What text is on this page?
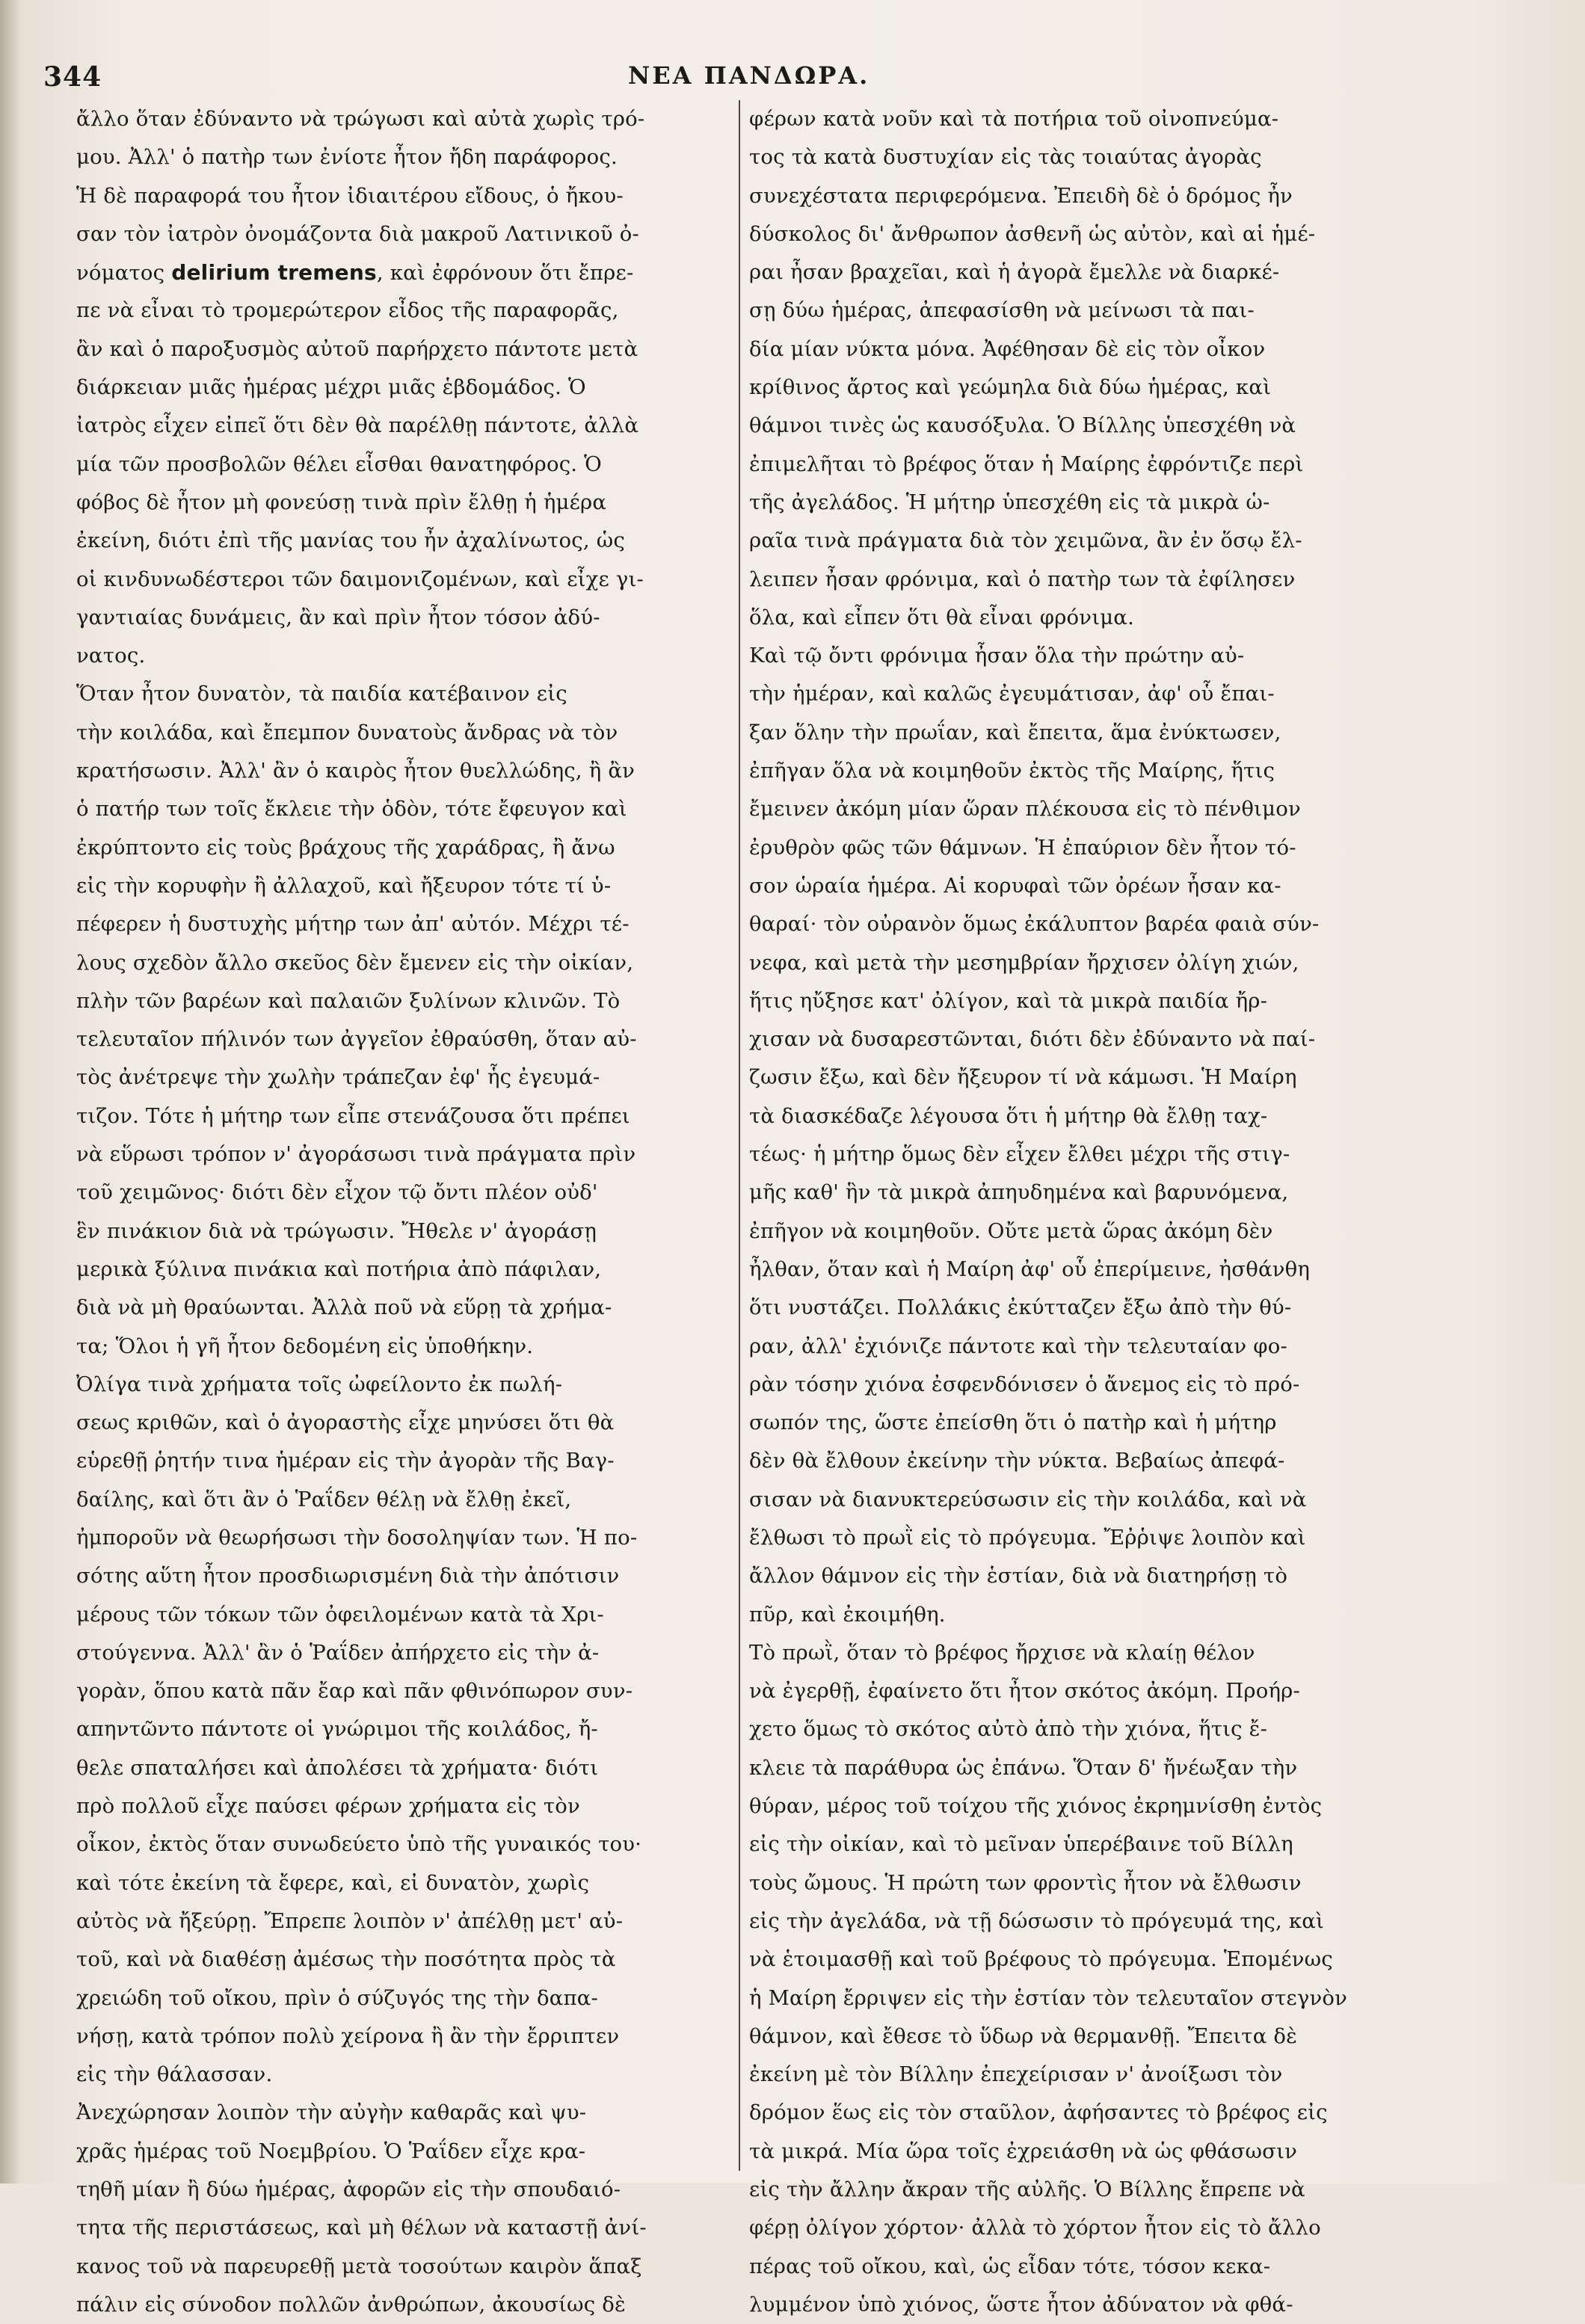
344	ΝΕΑ ΠΑΝΔΩΡΑ.
ἄλλο ὅταν ἐδύναντο νὰ τρώγωσι καὶ αὐτὰ χωρὶς τρό-
μου. Ἀλλ' ὁ πατὴρ των ἐνίοτε ἦτον ἤδη παράφορος.
Ἡ δὲ παραφορά του ἦτον ἰδιαιτέρου εἴδους, ὁ ἤκου-
σαν τὸν ἰατρὸν ὀνομάζοντα διὰ μακροῦ Λατινικοῦ ὀ-
νόματος delirium tremens, καὶ ἐφρόνουν ὅτι ἔπρε-
πε νὰ εἶναι τὸ τρομερώτερον εἶδος τῆς παραφορᾶς,
ἂν καὶ ὁ παροξυσμὸς αὐτοῦ παρήρχετο πάντοτε μετὰ
διάρκειαν μιᾶς ἡμέρας μέχρι μιᾶς ἑβδομάδος. Ὁ
ἰατρὸς εἶχεν εἰπεῖ ὅτι δὲν θὰ παρέλθῃ πάντοτε, ἀλλὰ
μία τῶν προσβολῶν θέλει εἶσθαι θανατηφόρος. Ὁ
φόβος δὲ ἦτον μὴ φονεύσῃ τινὰ πρὶν ἔλθῃ ἡ ἡμέρα
ἐκείνη, διότι ἐπὶ τῆς μανίας του ἦν ἀχαλίνωτος, ὡς
οἱ κινδυνωδέστεροι τῶν δαιμονιζομένων, καὶ εἶχε γι-
γαντιαίας δυνάμεις, ἂν καὶ πρὶν ἦτον τόσον ἀδύ-
νατος.
Ὅταν ἦτον δυνατὸν, τὰ παιδία κατέβαινον εἰς
τὴν κοιλάδα, καὶ ἔπεμπον δυνατοὺς ἄνδρας νὰ τὸν
κρατήσωσιν. Ἀλλ' ἂν ὁ καιρὸς ἦτον θυελλώδης, ἢ ἂν
ὁ πατήρ των τοῖς ἔκλειε τὴν ὁδὸν, τότε ἔφευγον καὶ
ἐκρύπτοντο εἰς τοὺς βράχους τῆς χαράδρας, ἢ ἄνω
εἰς τὴν κορυφὴν ἢ ἀλλαχοῦ, καὶ ἤξευρον τότε τί ὑ-
πέφερεν ἡ δυστυχὴς μήτηρ των ἀπ' αὐτόν. Μέχρι τέ-
λους σχεδὸν ἄλλο σκεῦος δὲν ἔμενεν εἰς τὴν οἰκίαν,
πλὴν τῶν βαρέων καὶ παλαιῶν ξυλίνων κλινῶν. Τὸ
τελευταῖον πήλινόν των ἀγγεῖον ἐθραύσθη, ὅταν αὐ-
τὸς ἀνέτρεψε τὴν χωλὴν τράπεζαν ἐφ' ἧς ἐγευμά-
τιζον. Τότε ἡ μήτηρ των εἶπε στενάζουσα ὅτι πρέπει
νὰ εὕρωσι τρόπον ν' ἀγοράσωσι τινὰ πράγματα πρὶν
τοῦ χειμῶνος· διότι δὲν εἶχον τῷ ὄντι πλέον οὐδ'
ἓν πινάκιον διὰ νὰ τρώγωσιν. Ἤθελε ν' ἀγοράσῃ
μερικὰ ξύλινα πινάκια καὶ ποτήρια ἀπὸ πάφιλαν,
διὰ νὰ μὴ θραύωνται. Ἀλλὰ ποῦ νὰ εὕρῃ τὰ χρήμα-
τα; Ὅλοι ἡ γῆ ἦτον δεδομένη εἰς ὑποθήκην.
Ὀλίγα τινὰ χρήματα τοῖς ὠφείλοντο ἐκ πωλή-
σεως κριθῶν, καὶ ὁ ἀγοραστὴς εἶχε μηνύσει ὅτι θὰ
εὑρεθῇ ῥητήν τινα ἡμέραν εἰς τὴν ἀγορὰν τῆς Βαγ-
δαίλης, καὶ ὅτι ἂν ὁ Ῥαΐδεν θέλῃ νὰ ἔλθῃ ἐκεῖ,
ἠμποροῦν νὰ θεωρήσωσι τὴν δοσοληψίαν των. Ἡ πο-
σότης αὕτη ἦτον προσδιωρισμένη διὰ τὴν ἀπότισιν
μέρους τῶν τόκων τῶν ὀφειλομένων κατὰ τὰ Χρι-
στούγεννα. Ἀλλ' ἂν ὁ Ῥαΐδεν ἀπήρχετο εἰς τὴν ἀ-
γορὰν, ὅπου κατὰ πᾶν ἔαρ καὶ πᾶν φθινόπωρον συν-
απηντῶντο πάντοτε οἱ γνώριμοι τῆς κοιλάδος, ἤ-
θελε σπαταλήσει καὶ ἀπολέσει τὰ χρήματα· διότι
πρὸ πολλοῦ εἶχε παύσει φέρων χρήματα εἰς τὸν
οἶκον, ἐκτὸς ὅταν συνωδεύετο ὑπὸ τῆς γυναικός του·
καὶ τότε ἐκείνη τὰ ἔφερε, καὶ, εἰ δυνατὸν, χωρὶς
αὐτὸς νὰ ἤξεύρῃ. Ἔπρεπε λοιπὸν ν' ἀπέλθῃ μετ' αὐ-
τοῦ, καὶ νὰ διαθέσῃ ἀμέσως τὴν ποσότητα πρὸς τὰ
χρειώδη τοῦ οἴκου, πρὶν ὁ σύζυγός της τὴν δαπα-
νήσῃ, κατὰ τρόπον πολὺ χείρονα ἢ ἂν τὴν ἔρριπτεν
εἰς τὴν θάλασσαν.
Ἀνεχώρησαν λοιπὸν τὴν αὐγὴν καθαρᾶς καὶ ψυ-
χρᾶς ἡμέρας τοῦ Νοεμβρίου. Ὁ Ῥαΐδεν εἶχε κρα-
τηθῆ μίαν ἢ δύω ἡμέρας, ἀφορῶν εἰς τὴν σπουδαιό-
τητα τῆς περιστάσεως, καὶ μὴ θέλων νὰ καταστῇ ἀνί-
κανος τοῦ νὰ παρευρεθῇ μετὰ τοσούτων καιρὸν ἅπαξ
πάλιν εἰς σύνοδον πολλῶν ἀνθρώπων, ἀκουσίως δὲ
φέρων κατὰ νοῦν καὶ τὰ ποτήρια τοῦ οἰνοπνεύμα-
τος τὰ κατὰ δυστυχίαν εἰς τὰς τοιαύτας ἀγορὰς
συνεχέστατα περιφερόμενα. Ἐπειδὴ δὲ ὁ δρόμος ἦν
δύσκολος δι' ἄνθρωπον ἀσθενῆ ὡς αὐτὸν, καὶ αἱ ἡμέ-
ραι ἦσαν βραχεῖαι, καὶ ἡ ἀγορὰ ἔμελλε νὰ διαρκέ-
σῃ δύω ἡμέρας, ἀπεφασίσθη νὰ μείνωσι τὰ παι-
δία μίαν νύκτα μόνα. Ἀφέθησαν δὲ εἰς τὸν οἶκον
κρίθινος ἄρτος καὶ γεώμηλα διὰ δύω ἡμέρας, καὶ
θάμνοι τινὲς ὡς καυσόξυλα. Ὁ Βίλλης ὑπεσχέθη νὰ
ἐπιμελῆται τὸ βρέφος ὅταν ἡ Μαίρης ἐφρόντιζε περὶ
τῆς ἀγελάδος. Ἡ μήτηρ ὑπεσχέθη εἰς τὰ μικρὰ ὡ-
ραῖα τινὰ πράγματα διὰ τὸν χειμῶνα, ἂν ἐν ὅσῳ ἔλ-
λειπεν ἦσαν φρόνιμα, καὶ ὁ πατὴρ των τὰ ἐφίλησεν
ὅλα, καὶ εἶπεν ὅτι θὰ εἶναι φρόνιμα.
Καὶ τῷ ὄντι φρόνιμα ἦσαν ὅλα τὴν πρώτην αὐ-
τὴν ἡμέραν, καὶ καλῶς ἐγευμάτισαν, ἀφ' οὗ ἔπαι-
ξαν ὅλην τὴν πρωΐαν, καὶ ἔπειτα, ἅμα ἐνύκτωσεν,
ἐπῆγαν ὅλα νὰ κοιμηθοῦν ἐκτὸς τῆς Μαίρης, ἥτις
ἔμεινεν ἀκόμη μίαν ὥραν πλέκουσα εἰς τὸ πένθιμον
ἐρυθρὸν φῶς τῶν θάμνων. Ἡ ἐπαύριον δὲν ἦτον τό-
σον ὡραία ἡμέρα. Αἱ κορυφαὶ τῶν ὀρέων ἦσαν κα-
θαραί· τὸν οὐρανὸν ὅμως ἐκάλυπτον βαρέα φαιὰ σύν-
νεφα, καὶ μετὰ τὴν μεσημβρίαν ἤρχισεν ὀλίγη χιών,
ἥτις ηὔξησε κατ' ὀλίγον, καὶ τὰ μικρὰ παιδία ἤρ-
χισαν νὰ δυσαρεστῶνται, διότι δὲν ἐδύναντο νὰ παί-
ζωσιν ἔξω, καὶ δὲν ἤξευρον τί νὰ κάμωσι. Ἡ Μαίρη
τὰ διασκέδαζε λέγουσα ὅτι ἡ μήτηρ θὰ ἔλθῃ ταχ-
τέως· ἡ μήτηρ ὅμως δὲν εἶχεν ἔλθει μέχρι τῆς στιγ-
μῆς καθ' ἣν τὰ μικρὰ ἀπηυδημένα καὶ βαρυνόμενα,
ἐπῆγον νὰ κοιμηθοῦν. Οὔτε μετὰ ὥρας ἀκόμη δὲν
ἦλθαν, ὅταν καὶ ἡ Μαίρη ἀφ' οὗ ἐπερίμεινε, ἠσθάνθη
ὅτι νυστάζει. Πολλάκις ἐκύτταζεν ἔξω ἀπὸ τὴν θύ-
ραν, ἀλλ' ἐχιόνιζε πάντοτε καὶ τὴν τελευταίαν φο-
ρὰν τόσην χιόνα ἐσφενδόνισεν ὁ ἄνεμος εἰς τὸ πρό-
σωπόν της, ὥστε ἐπείσθη ὅτι ὁ πατὴρ καὶ ἡ μήτηρ
δὲν θὰ ἔλθουν ἐκείνην τὴν νύκτα. Βεβαίως ἀπεφά-
σισαν νὰ διανυκτερεύσωσιν εἰς τὴν κοιλάδα, καὶ νὰ
ἔλθωσι τὸ πρωῒ εἰς τὸ πρόγευμα. Ἔῤῥιψε λοιπὸν καὶ
ἄλλον θάμνον εἰς τὴν ἑστίαν, διὰ νὰ διατηρήσῃ τὸ
πῦρ, καὶ ἐκοιμήθη.
Τὸ πρωῒ, ὅταν τὸ βρέφος ἤρχισε νὰ κλαίῃ θέλον
νὰ ἐγερθῇ, ἐφαίνετο ὅτι ἦτον σκότος ἀκόμη. Προήρ-
χετο ὅμως τὸ σκότος αὐτὸ ἀπὸ τὴν χιόνα, ἥτις ἔ-
κλειε τὰ παράθυρα ὡς ἐπάνω. Ὅταν δ' ἤνέωξαν τὴν
θύραν, μέρος τοῦ τοίχου τῆς χιόνος ἐκρημνίσθη ἐντὸς
εἰς τὴν οἰκίαν, καὶ τὸ μεῖναν ὑπερέβαινε τοῦ Βίλλη
τοὺς ὤμους. Ἡ πρώτη των φροντὶς ἦτον νὰ ἔλθωσιν
εἰς τὴν ἀγελάδα, νὰ τῇ δώσωσιν τὸ πρόγευμά της, καὶ
νὰ ἑτοιμασθῇ καὶ τοῦ βρέφους τὸ πρόγευμα. Ἑπομένως
ἡ Μαίρη ἔρριψεν εἰς τὴν ἑστίαν τὸν τελευταῖον στεγνὸν
θάμνον, καὶ ἔθεσε τὸ ὕδωρ νὰ θερμανθῇ. Ἔπειτα δὲ
ἐκείνη μὲ τὸν Βίλλην ἐπεχείρισαν ν' ἀνοίξωσι τὸν
δρόμον ἕως εἰς τὸν σταῦλον, ἀφήσαντες τὸ βρέφος εἰς
τὰ μικρά. Μία ὥρα τοῖς ἐχρειάσθη νὰ ὡς φθάσωσιν
εἰς τὴν ἄλλην ἄκραν τῆς αὐλῆς. Ὁ Βίλλης ἔπρεπε νὰ
φέρῃ ὀλίγον χόρτον· ἀλλὰ τὸ χόρτον ἦτον εἰς τὸ ἄλλο
πέρας τοῦ οἴκου, καὶ, ὡς εἶδαν τότε, τόσον κεκα-
λυμμένον ὑπὸ χιόνος, ὥστε ἦτον ἀδύνατον νὰ φθά-
